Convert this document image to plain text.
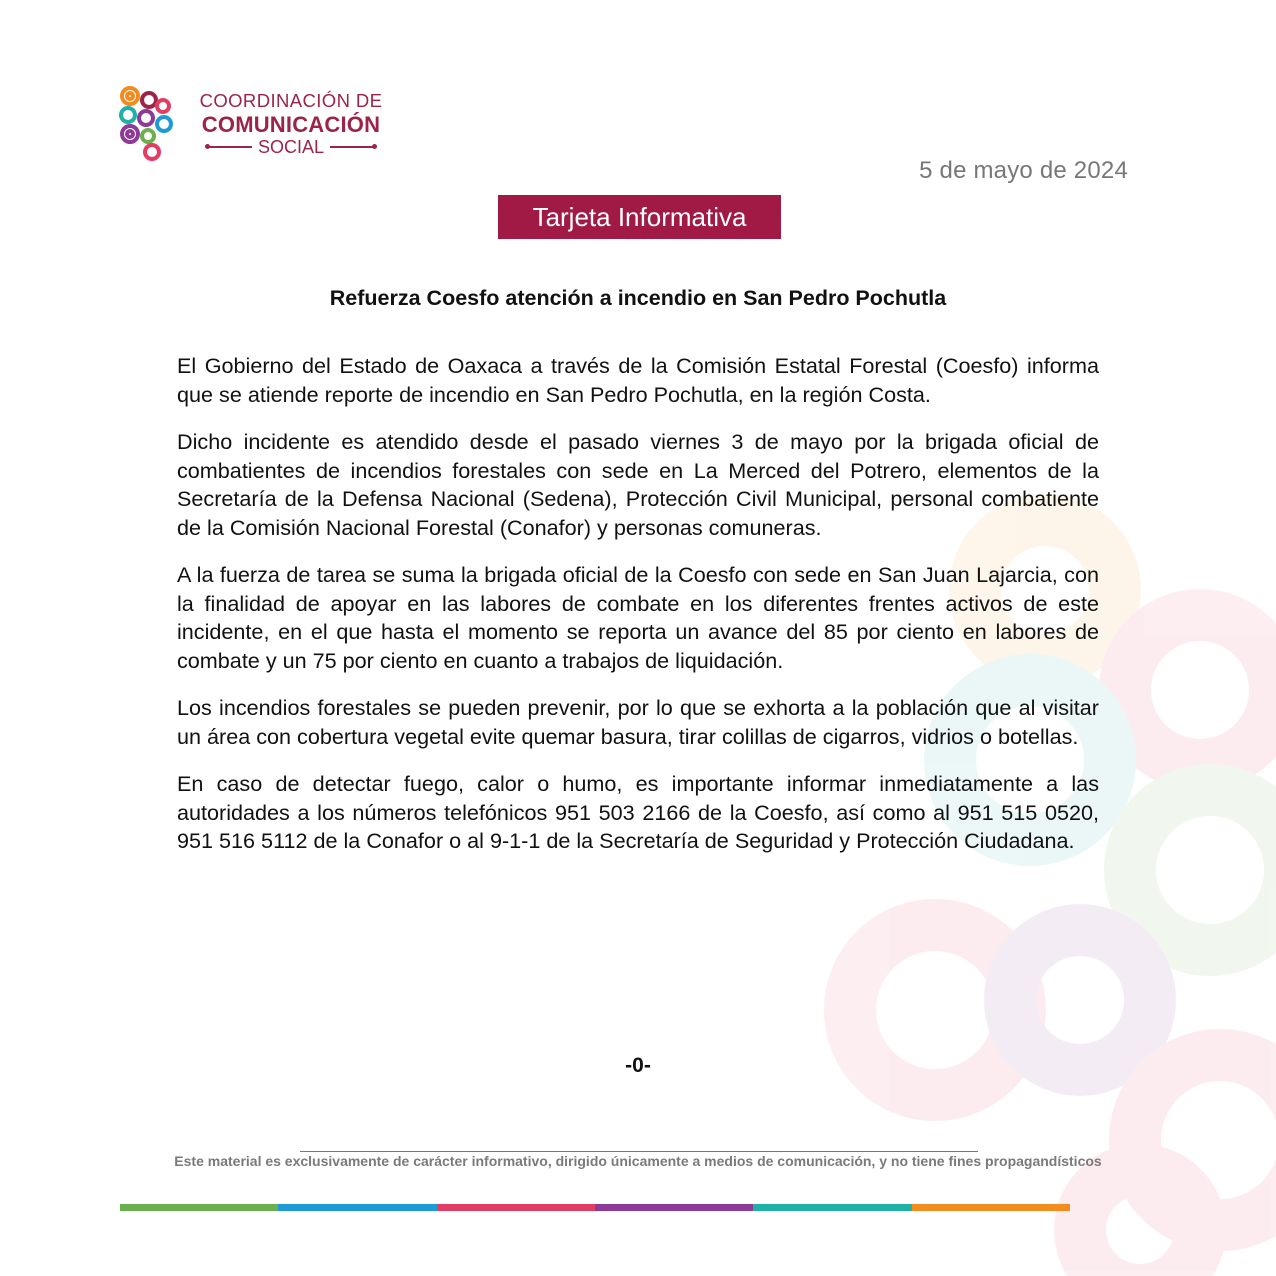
COORDINACIÓN DE
COMUNICACIÓN
SOCIAL
5 de mayo de 2024
Tarjeta Informativa
Refuerza Coesfo atención a incendio en San Pedro Pochutla

El Gobierno del Estado de Oaxaca a través de la Comisión Estatal Forestal (Coesfo) informa que se atiende reporte de incendio en San Pedro Pochutla, en la región Costa.

Dicho incidente es atendido desde el pasado viernes 3 de mayo por la brigada oficial de combatientes de incendios forestales con sede en La Merced del Potrero, elementos de la Secretaría de la Defensa Nacional (Sedena), Protección Civil Municipal, personal combatiente de la Comisión Nacional Forestal (Conafor) y personas comuneras.

A la fuerza de tarea se suma la brigada oficial de la Coesfo con sede en San Juan Lajarcia, con la finalidad de apoyar en las labores de combate en los diferentes frentes activos de este incidente, en el que hasta el momento se reporta un avance del 85 por ciento en labores de combate y un 75 por ciento en cuanto a trabajos de liquidación.

Los incendios forestales se pueden prevenir, por lo que se exhorta a la población que al visitar un área con cobertura vegetal evite quemar basura, tirar colillas de cigarros, vidrios o botellas.

En caso de detectar fuego, calor o humo, es importante informar inmediatamente a las autoridades a los números telefónicos 951 503 2166 de la Coesfo, así como al 951 515 0520, 951 516 5112 de la Conafor o al 9-1-1 de la Secretaría de Seguridad y Protección Ciudadana.

-0-
Este material es exclusivamente de carácter informativo, dirigido únicamente a medios de comunicación, y no tiene fines propagandísticos
